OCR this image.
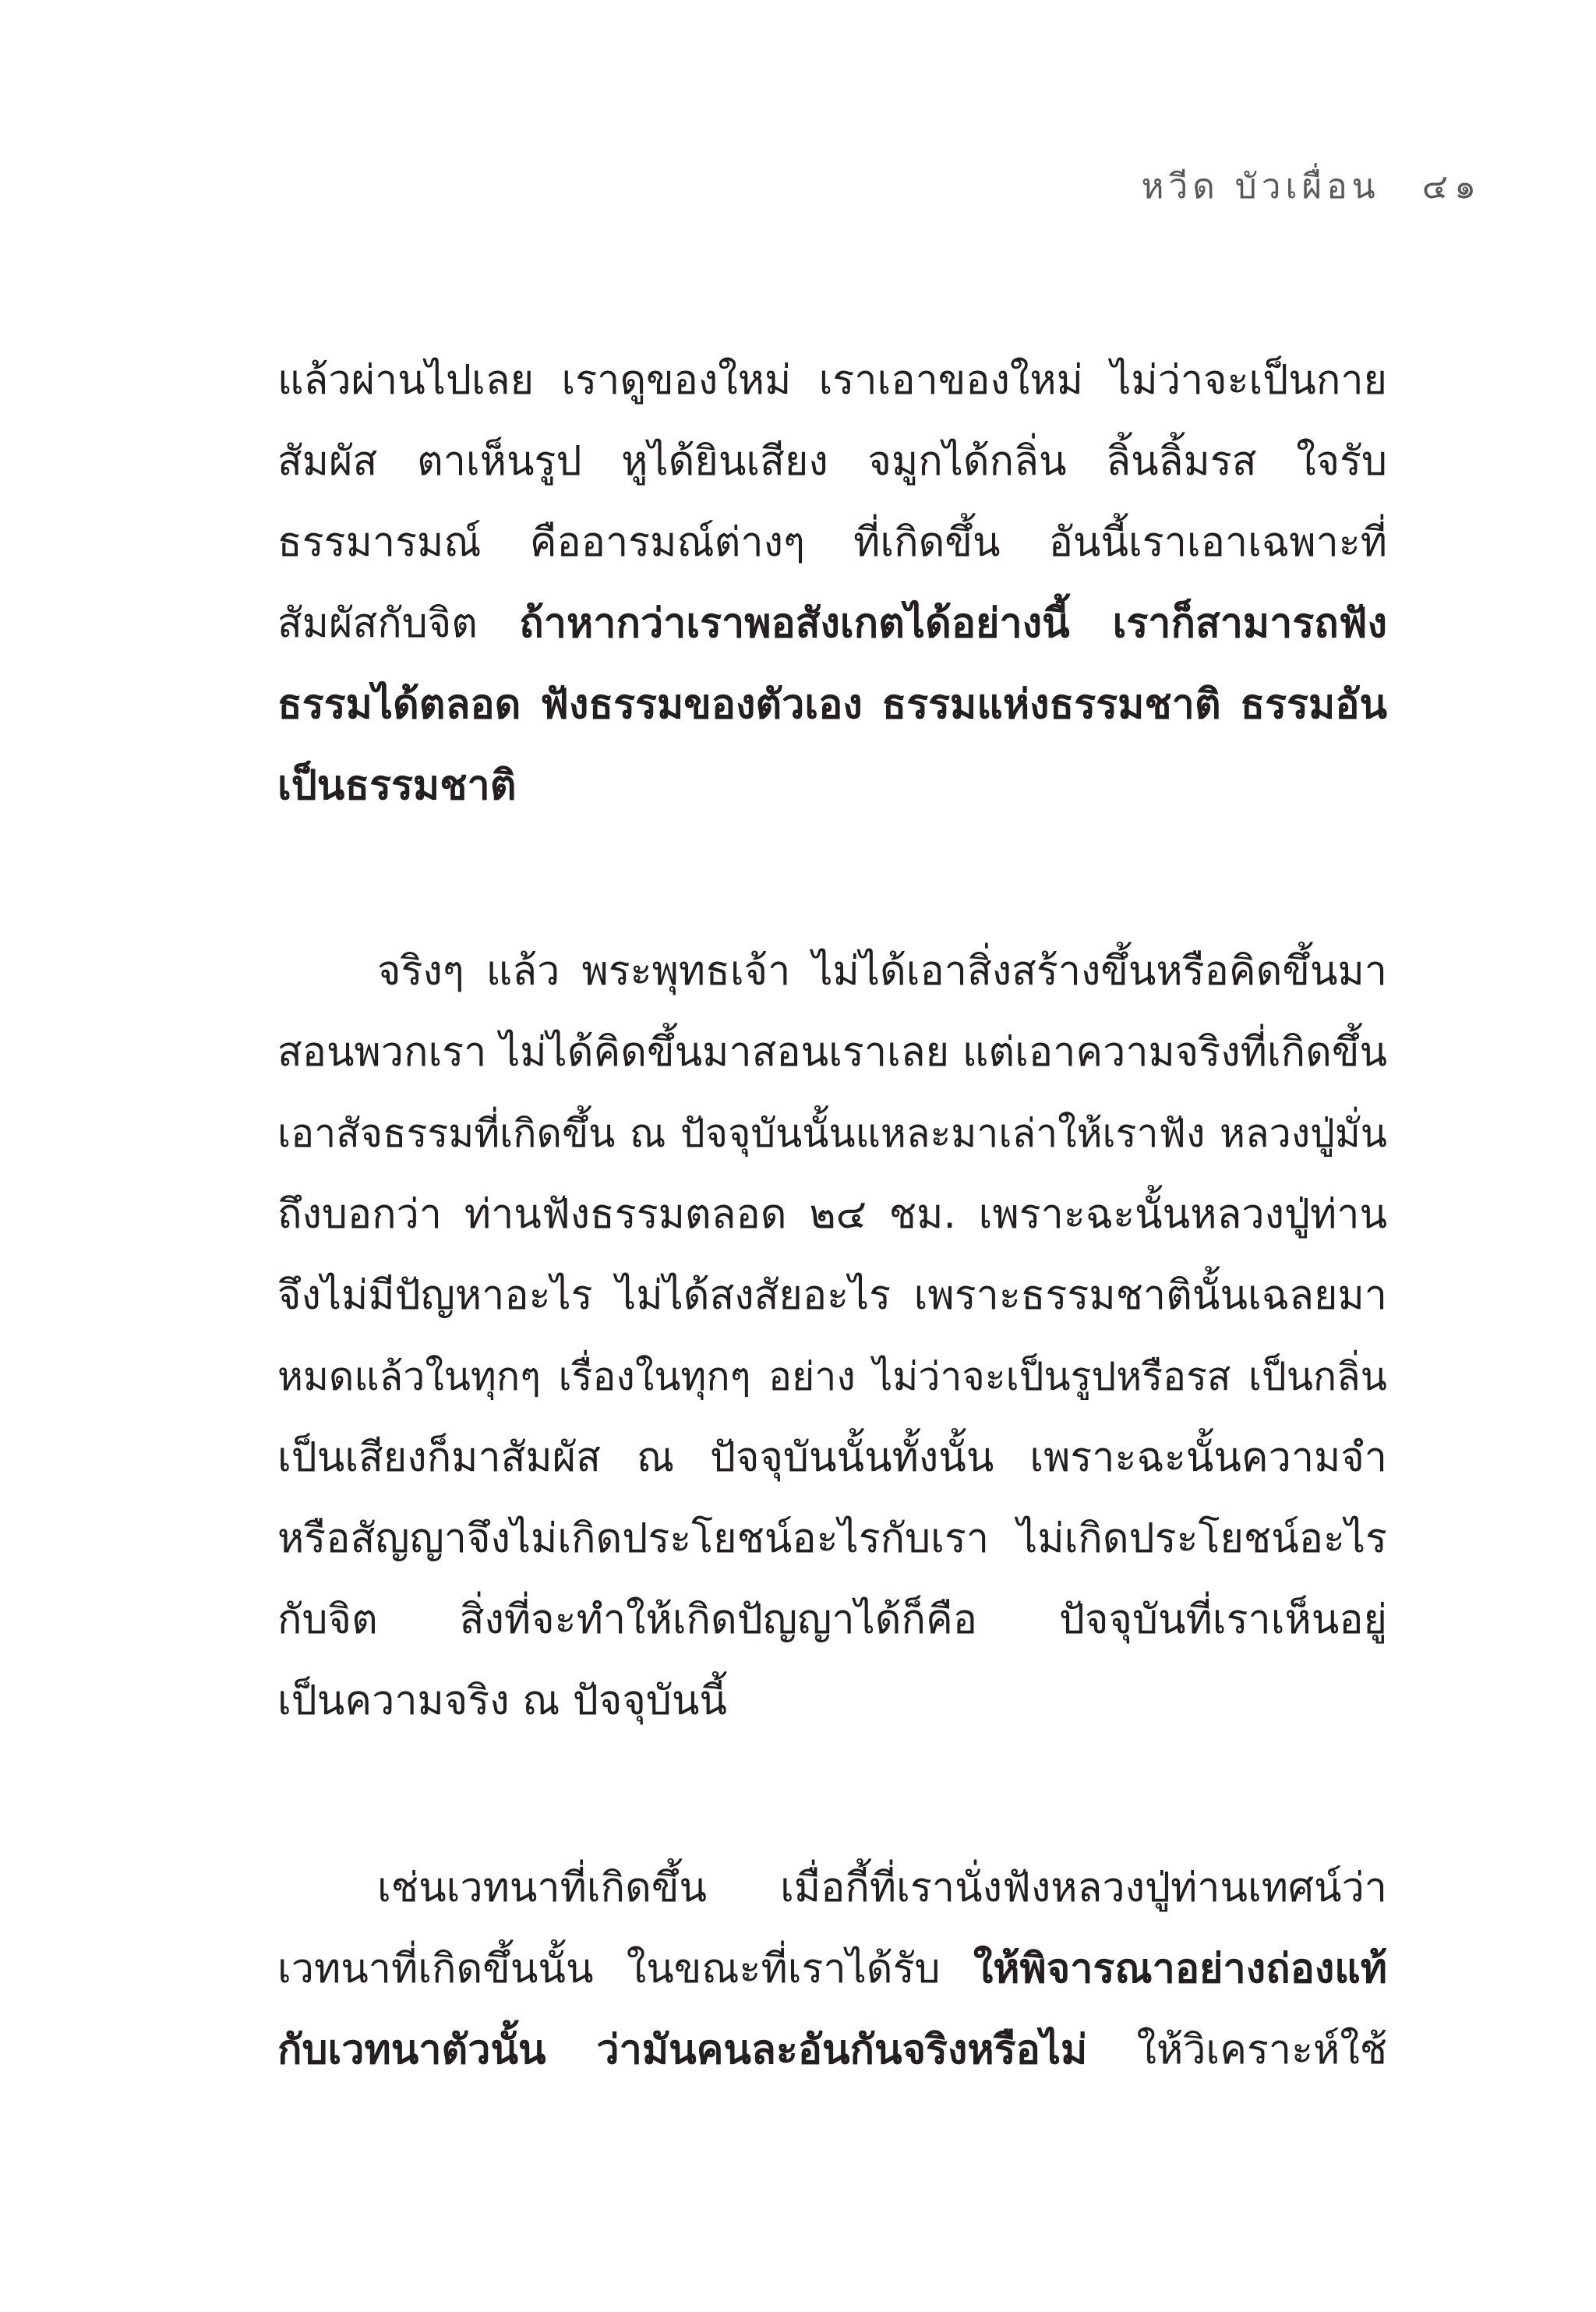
หวีด บัวเผื่อน ๔๑
แล้วผ่านไปเลย เราดูของใหม่ เราเอาของใหม่ ไม่ว่าจะเป็นกาย
สัมผัส ตาเห็นรูป หูได้ยินเสียง จมูกได้กลิ่น ลิ้นลิ้มรส ใจรับ
ธรรมารมณ์ คืออารมณ์ต่างๆ ที่เกิดขึ้น อันนี้เราเอาเฉพาะที่
สัมผัสกับจิต ถ้าหากว่าเราพอสังเกตได้อย่างนี้ เราก็สามารถฟัง
ธรรมได้ตลอด ฟังธรรมของตัวเอง ธรรมแห่งธรรมชาติ ธรรมอัน
เป็นธรรมชาติ
จริงๆ แล้ว พระพุทธเจ้า ไม่ได้เอาสิ่งสร้างขึ้นหรือคิดขึ้นมา
สอนพวกเรา ไม่ได้คิดขึ้นมาสอนเราเลย แต่เอาความจริงที่เกิดขึ้น
เอาสัจธรรมที่เกิดขึ้น ณ ปัจจุบันนั้นแหละมาเล่าให้เราฟัง หลวงปู่มั่น
ถึงบอกว่า ท่านฟังธรรมตลอด ๒๔ ชม. เพราะฉะนั้นหลวงปู่ท่าน
จึงไม่มีปัญหาอะไร ไม่ได้สงสัยอะไร เพราะธรรมชาตินั้นเฉลยมา
หมดแล้วในทุกๆ เรื่องในทุกๆ อย่าง ไม่ว่าจะเป็นรูปหรือรส เป็นกลิ่น
เป็นเสียงก็มาสัมผัส ณ ปัจจุบันนั้นทั้งนั้น เพราะฉะนั้นความจำ
หรือสัญญาจึงไม่เกิดประโยชน์อะไรกับเรา ไม่เกิดประโยชน์อะไร
กับจิต สิ่งที่จะทำให้เกิดปัญญาได้ก็คือ ปัจจุบันที่เราเห็นอยู่
เป็นความจริง ณ ปัจจุบันนี้
เช่นเวทนาที่เกิดขึ้น เมื่อกี้ที่เรานั่งฟังหลวงปู่ท่านเทศน์ว่า
เวทนาที่เกิดขึ้นนั้น ในขณะที่เราได้รับ ให้พิจารณาอย่างถ่องแท้
กับเวทนาตัวนั้น ว่ามันคนละอันกันจริงหรือไม่ ให้วิเคราะห์ใช้
